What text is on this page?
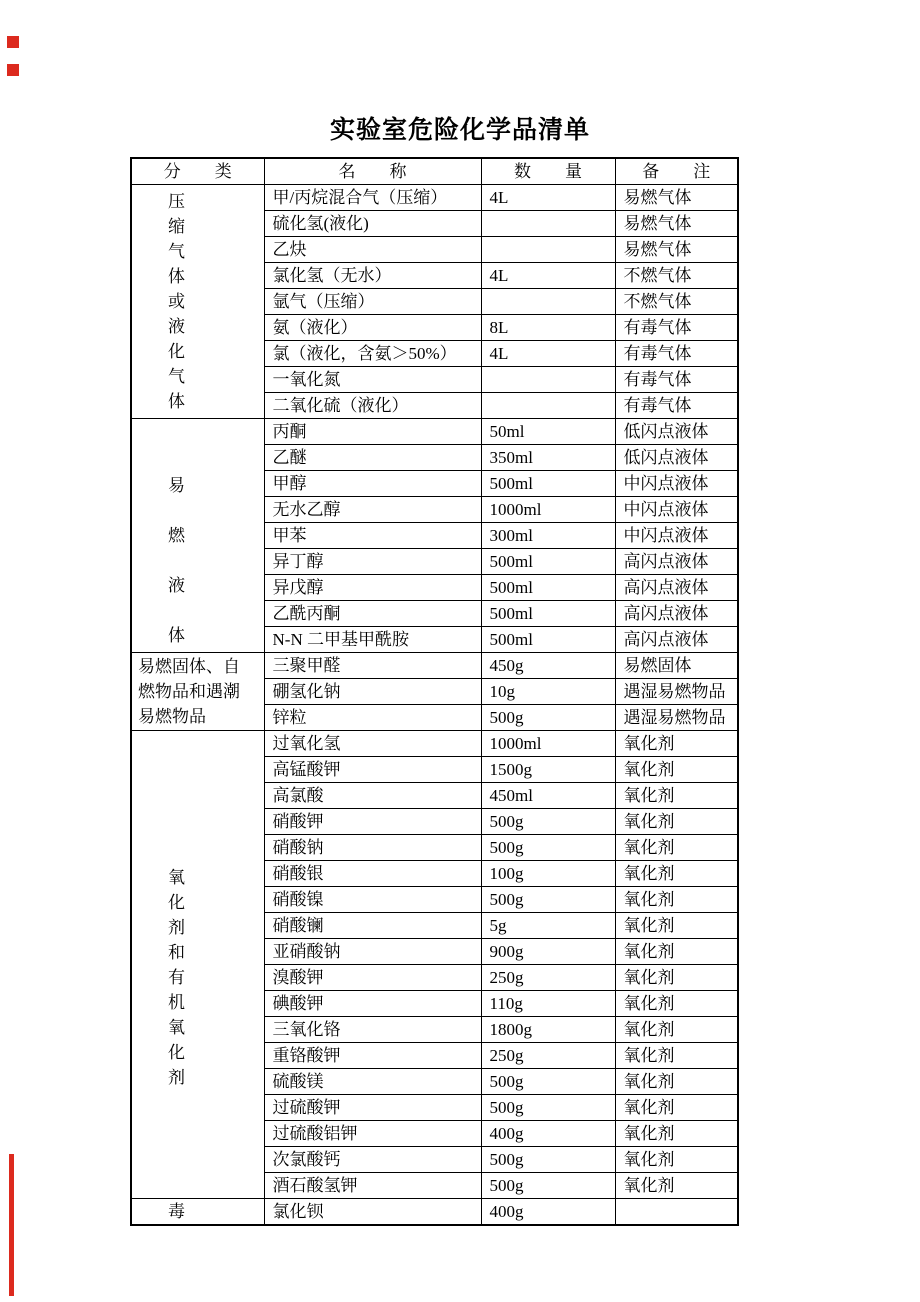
实验室危险化学品清单
分　　类	名　　称	数　　量	备　　注

压
缩
气
体
或
液
化
气
体
	甲/丙烷混合气（压缩）	4L	易燃气体
	硫化氢(液化)		易燃气体
	乙炔		易燃气体
	氯化氢（无水）	4L	不燃气体
	氩气（压缩）		不燃气体
	氨（液化）	8L	有毒气体
	氯（液化，含氨＞50%）	4L	有毒气体
	一氧化氮		有毒气体
	二氧化硫（液化）		有毒气体

易
燃
液
体	丙酮	50ml	低闪点液体
	乙醚	350ml	低闪点液体
	甲醇	500ml	中闪点液体
	无水乙醇	1000ml	中闪点液体
	甲苯	300ml	中闪点液体
	异丁醇	500ml	高闪点液体
	异戊醇	500ml	高闪点液体
	乙酰丙酮	500ml	高闪点液体
	N-N 二甲基甲酰胺	500ml	高闪点液体

易燃固体、自
燃物品和遇潮
易燃物品	三聚甲醛	450g	易燃固体
	硼氢化钠	10g	遇湿易燃物品
	锌粒	500g	遇湿易燃物品

氧
化
剂
和
有
机
氧
化
剂
	过氧化氢	1000ml	氧化剂
	高锰酸钾	1500g	氧化剂
	高氯酸	450ml	氧化剂
	硝酸钾	500g	氧化剂
	硝酸钠	500g	氧化剂
	硝酸银	100g	氧化剂
	硝酸镍	500g	氧化剂
	硝酸镧	5g	氧化剂
	亚硝酸钠	900g	氧化剂
	溴酸钾	250g	氧化剂
	碘酸钾	110g	氧化剂
	三氧化铬	1800g	氧化剂
	重铬酸钾	250g	氧化剂
	硫酸镁	500g	氧化剂
	过硫酸钾	500g	氧化剂
	过硫酸铝钾	400g	氧化剂
	次氯酸钙	500g	氧化剂
	酒石酸氢钾	500g	氧化剂

毒	氯化钡	400g	
